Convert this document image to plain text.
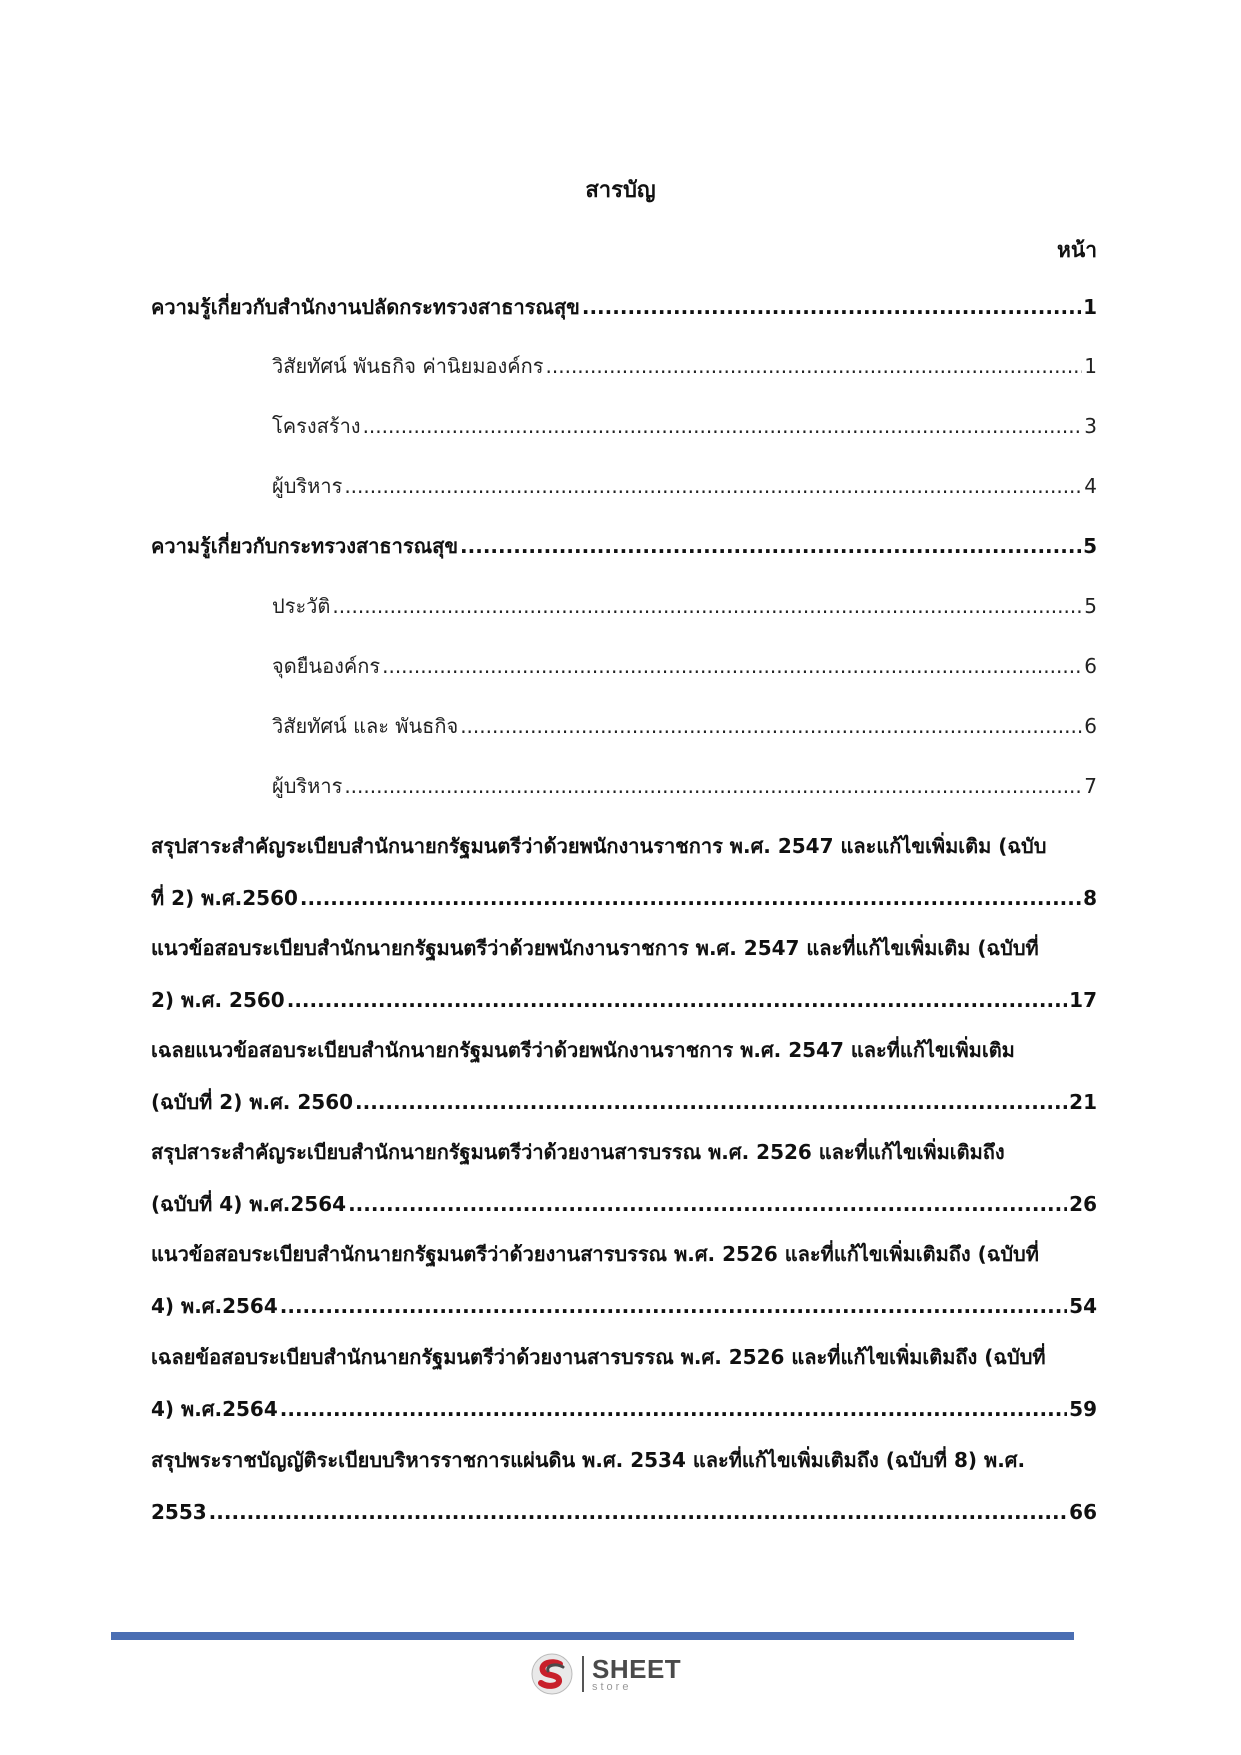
สารบัญ
หน้า
ความรู้เกี่ยวกับสำนักงานปลัดกระทรวงสาธารณสุข .....	1
วิสัยทัศน์ พันธกิจ ค่านิยมองค์กร .....	1
โครงสร้าง .....	3
ผู้บริหาร .....	4
ความรู้เกี่ยวกับกระทรวงสาธารณสุข .....	5
ประวัติ .....	5
จุดยืนองค์กร .....	6
วิสัยทัศน์ และ พันธกิจ .....	6
ผู้บริหาร .....	7
สรุปสาระสำคัญระเบียบสำนักนายกรัฐมนตรีว่าด้วยพนักงานราชการ พ.ศ. 2547 และแก้ไขเพิ่มเติม (ฉบับ
ที่ 2) พ.ศ.2560 .....	8
แนวข้อสอบระเบียบสำนักนายกรัฐมนตรีว่าด้วยพนักงานราชการ พ.ศ. 2547 และที่แก้ไขเพิ่มเติม (ฉบับที่
2) พ.ศ. 2560 .....	17
เฉลยแนวข้อสอบระเบียบสำนักนายกรัฐมนตรีว่าด้วยพนักงานราชการ พ.ศ. 2547 และที่แก้ไขเพิ่มเติม
(ฉบับที่ 2) พ.ศ. 2560 .....	21
สรุปสาระสำคัญระเบียบสำนักนายกรัฐมนตรีว่าด้วยงานสารบรรณ พ.ศ. 2526 และที่แก้ไขเพิ่มเติมถึง
(ฉบับที่ 4) พ.ศ.2564 .....	26
แนวข้อสอบระเบียบสำนักนายกรัฐมนตรีว่าด้วยงานสารบรรณ พ.ศ. 2526 และที่แก้ไขเพิ่มเติมถึง (ฉบับที่
4) พ.ศ.2564 .....	54
เฉลยข้อสอบระเบียบสำนักนายกรัฐมนตรีว่าด้วยงานสารบรรณ พ.ศ. 2526 และที่แก้ไขเพิ่มเติมถึง (ฉบับที่
4) พ.ศ.2564 .....	59
สรุปพระราชบัญญัติระเบียบบริหารราชการแผ่นดิน พ.ศ. 2534 และที่แก้ไขเพิ่มเติมถึง (ฉบับที่ 8) พ.ศ.
2553 .....	66
SHEET
store
